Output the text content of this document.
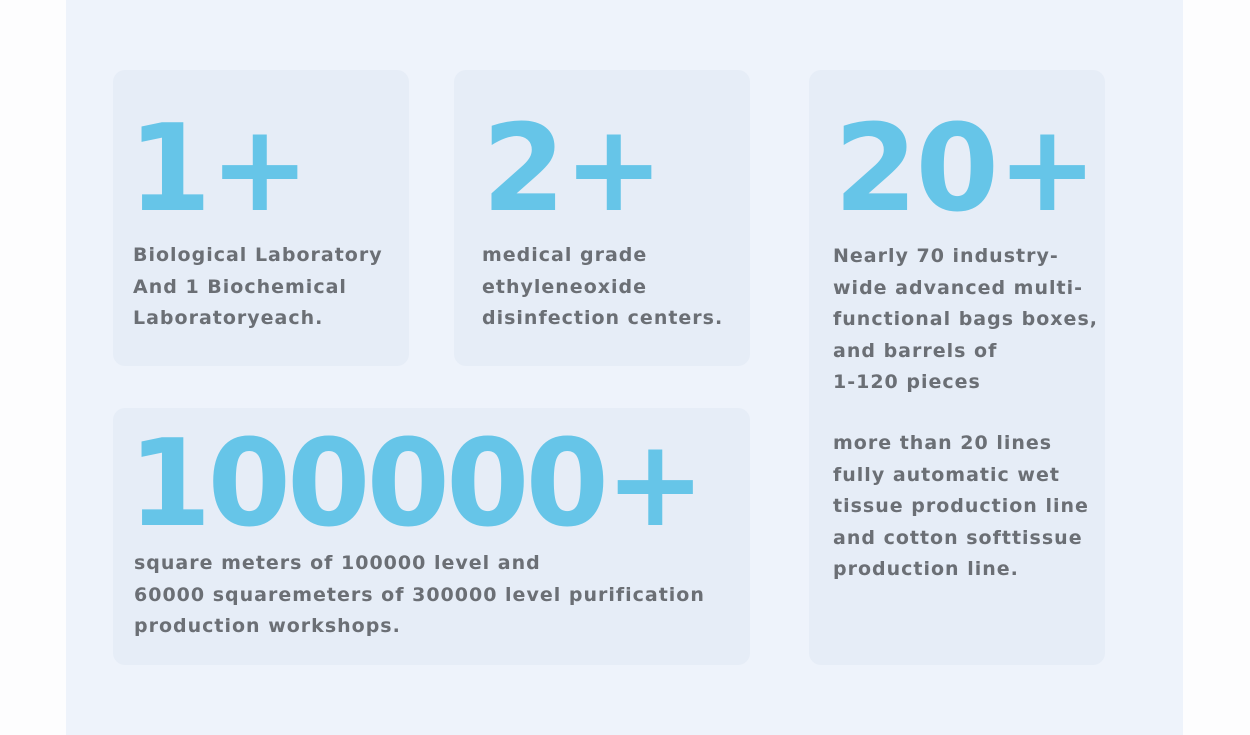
1+

Biological Laboratory
And 1 Biochemical
Laboratoryeach.

2+

medical grade
ethyleneoxide
disinfection centers.

20+

Nearly 70 industry-
wide advanced multi-
functional bags boxes,
and barrels of
1-120 pieces

more than 20 lines
fully automatic wet
tissue production line
and cotton softtissue
production line.

100000+

square meters of 100000 level and
60000 squaremeters of 300000 level purification
production workshops.
